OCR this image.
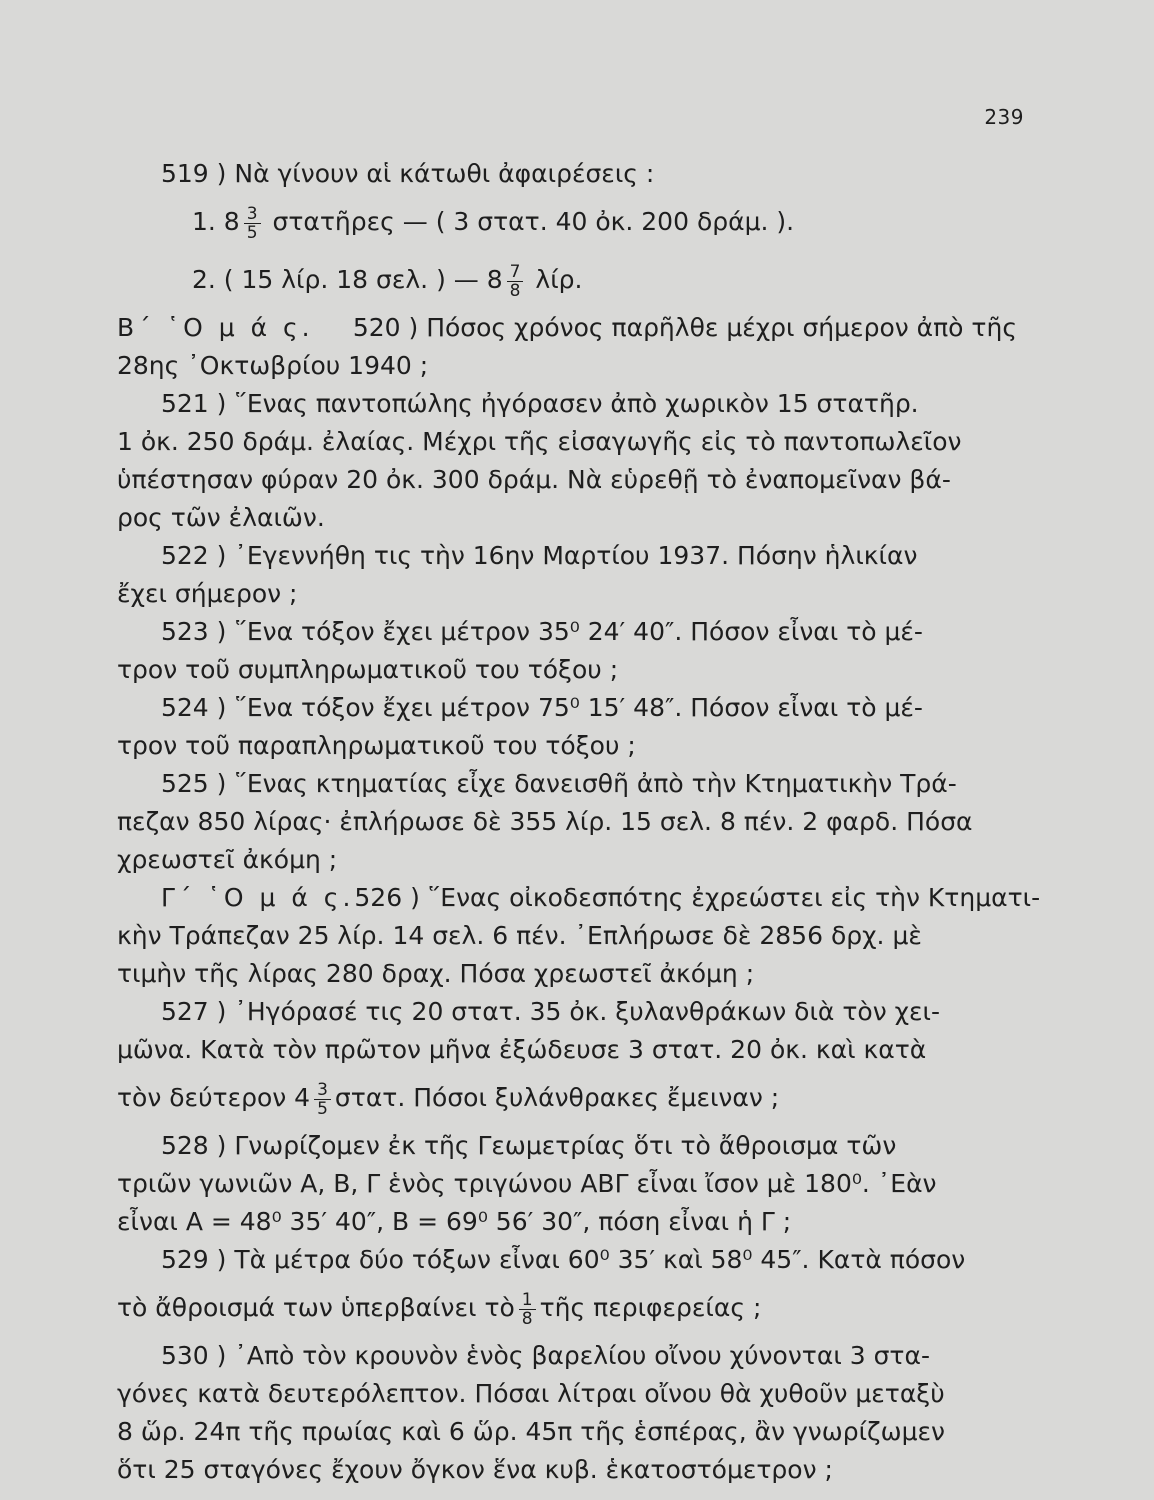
239
519 ) Νὰ γίνουν αἱ κάτωθι ἀφαιρέσεις :
1. $8 \frac{3}{5}$ στατῆρες — ( 3 στατ. 40 ὀκ. 200 δράμ. ).
2. ( 15 λίρ. 18 σελ. ) — $8 \frac{7}{8} \lambda ί\rho$.
Β΄ ῾Ο μ ά ς. 520 ) Πόσος χρόνος παρῆλθε μέχρι σήμερον ἀπὸ τῆς
28ης ᾿Οκτωβρίου 1940 ;
521 ) ῞Ενας παντοπώλης ἠγόρασεν ἀπὸ χωρικὸν 15 στατῆρ.
1 ὀκ. 250 δράμ. ἐλαίας. Μέχρι τῆς εἰσαγωγῆς εἰς τὸ παντοπωλεῖον
ὑπέστησαν φύραν 20 ὀκ. 300 δράμ. Νὰ εὑρεθῇ τὸ ἐναπομεῖναν βά-
ρος τῶν ἐλαιῶν.
522 ) ᾿Εγεννήθη τις τὴν 16ην Μαρτίου 1937. Πόσην ἡλικίαν
ἔχει σήμερον ;
523 ) ῞Ενα τόξον ἔχει μέτρον 35⁰ 24′ 40″. Πόσον εἶναι τὸ μέ-
τρον τοῦ συμπληρωματικοῦ του τόξου ;
524 ) ῞Ενα τόξον ἔχει μέτρον 75⁰ 15′ 48″. Πόσον εἶναι τὸ μέ-
τρον τοῦ παραπληρωματικοῦ του τόξου ;
525 ) ῞Ενας κτηματίας εἶχε δανεισθῆ ἀπὸ τὴν Κτηματικὴν Τρά-
πεζαν 850 λίρας· ἐπλήρωσε δὲ 355 λίρ. 15 σελ. 8 πέν. 2 φαρδ. Πόσα
χρεωστεῖ ἀκόμη ;
Γ΄ ῾Ο μ ά ς. 526 ) ῞Ενας οἰκοδεσπότης ἐχρεώστει εἰς τὴν Κτηματι-
κὴν Τράπεζαν 25 λίρ. 14 σελ. 6 πέν. ᾿Επλήρωσε δὲ 2856 δρχ. μὲ
τιμὴν τῆς λίρας 280 δραχ. Πόσα χρεωστεῖ ἀκόμη ;
527 ) ᾿Ηγόρασέ τις 20 στατ. 35 ὀκ. ξυλανθράκων διὰ τὸν χει-
μῶνα. Κατὰ τὸν πρῶτον μῆνα ἐξώδευσε 3 στατ. 20 ὀκ. καὶ κατὰ
τὸν δεύτερον $4 \frac{3}{5} \sigma\tau\alpha\tau$. Πόσοι ξυλάνθρακες ἔμειναν ;
528 ) Γνωρίζομεν ἐκ τῆς Γεωμετρίας ὅτι τὸ ἄθροισμα τῶν
τριῶν γωνιῶν Α, Β, Γ ἑνὸς τριγώνου ΑΒΓ εἶναι ἴσον μὲ 180⁰. ᾿Εὰν
εἶναι Α = 48⁰ 35′ 40″, Β = 69⁰ 56′ 30″, πόση εἶναι ἡ Γ ;
529 ) Τὰ μέτρα δύο τόξων εἶναι 60⁰ 35′ καὶ 58⁰ 45″. Κατὰ πόσον
τὸ ἄθροισμά των ὑπερβαίνει τὸ $\frac{1}{8}$ τῆς περιφερείας ;
530 ) ᾿Απὸ τὸν κρουνὸν ἑνὸς βαρελίου οἴνου χύνονται 3 στα-
γόνες κατὰ δευτερόλεπτον. Πόσαι λίτραι οἴνου θὰ χυθοῦν μεταξὺ
8 ὥρ. 24π τῆς πρωίας καὶ 6 ὥρ. 45π τῆς ἑσπέρας, ἂν γνωρίζωμεν
ὅτι 25 σταγόνες ἔχουν ὄγκον ἕνα κυβ. ἑκατοστόμετρον ;
